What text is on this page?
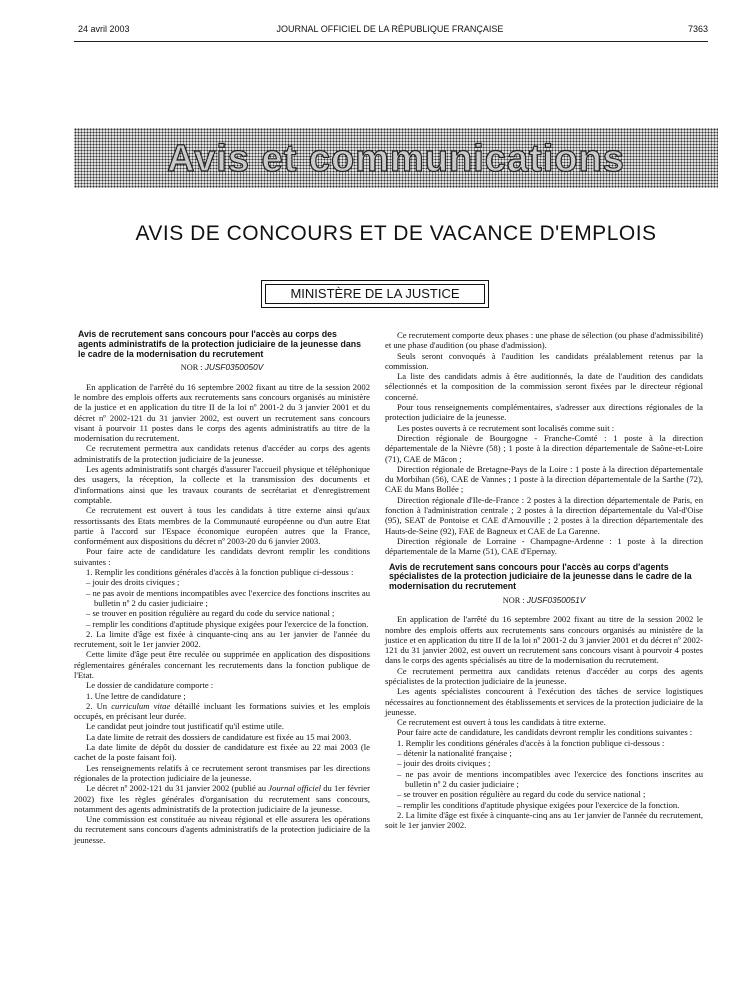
24 avril 2003	JOURNAL OFFICIEL DE LA RÉPUBLIQUE FRANÇAISE	7363
Avis et communications
AVIS DE CONCOURS ET DE VACANCE D'EMPLOIS
MINISTÈRE DE LA JUSTICE
Avis de recrutement sans concours pour l'accès au corps des agents administratifs de la protection judiciaire de la jeunesse dans le cadre de la modernisation du recrutement
NOR : JUSF0350050V

En application de l'arrêté du 16 septembre 2002 fixant au titre de la session 2002 le nombre des emplois offerts aux recrutements sans concours organisés au ministère de la justice et en application du titre II de la loi nº 2001-2 du 3 janvier 2001 et du décret nº 2002-121 du 31 janvier 2002, est ouvert un recrutement sans concours visant à pourvoir 11 postes dans le corps des agents administratifs au titre de la modernisation du recrutement.

Ce recrutement permettra aux candidats retenus d'accéder au corps des agents administratifs de la protection judiciaire de la jeunesse.

Les agents administratifs sont chargés d'assurer l'accueil physique et téléphonique des usagers, la réception, la collecte et la transmission des documents et d'informations ainsi que les travaux courants de secrétariat et d'enregistrement comptable.

Ce recrutement est ouvert à tous les candidats à titre externe ainsi qu'aux ressortissants des Etats membres de la Communauté européenne ou d'un autre Etat partie à l'accord sur l'Espace économique européen autres que la France, conformément aux dispositions du décret nº 2003-20 du 6 janvier 2003.

Pour faire acte de candidature les candidats devront remplir les conditions suivantes :

1. Remplir les conditions générales d'accès à la fonction publique ci-dessous :

– jouir des droits civiques ;
– ne pas avoir de mentions incompatibles avec l'exercice des fonctions inscrites au bulletin nº 2 du casier judiciaire ;
– se trouver en position régulière au regard du code du service national ;
– remplir les conditions d'aptitude physique exigées pour l'exercice de la fonction.

2. La limite d'âge est fixée à cinquante-cinq ans au 1er janvier de l'année du recrutement, soit le 1er janvier 2002.

Cette limite d'âge peut être reculée ou supprimée en application des dispositions réglementaires générales concernant les recrutements dans la fonction publique de l'Etat.

Le dossier de candidature comporte :

1. Une lettre de candidature ;

2. Un curriculum vitae détaillé incluant les formations suivies et les emplois occupés, en précisant leur durée.

Le candidat peut joindre tout justificatif qu'il estime utile.

La date limite de retrait des dossiers de candidature est fixée au 15 mai 2003.

La date limite de dépôt du dossier de candidature est fixée au 22 mai 2003 (le cachet de la poste faisant foi).

Les renseignements relatifs à ce recrutement seront transmises par les directions régionales de la protection judiciaire de la jeunesse.

Le décret nº 2002-121 du 31 janvier 2002 (publié au Journal officiel du 1er février 2002) fixe les règles générales d'organisation du recrutement sans concours, notamment des agents administratifs de la protection judiciaire de la jeunesse.

Une commission est constituée au niveau régional et elle assurera les opérations du recrutement sans concours d'agents administratifs de la protection judiciaire de la jeunesse.

Ce recrutement comporte deux phases : une phase de sélection (ou phase d'admissibilité) et une phase d'audition (ou phase d'admission).

Seuls seront convoqués à l'audition les candidats préalablement retenus par la commission.

La liste des candidats admis à être auditionnés, la date de l'audition des candidats sélectionnés et la composition de la commission seront fixées par le directeur régional concerné.

Pour tous renseignements complémentaires, s'adresser aux directions régionales de la protection judiciaire de la jeunesse.

Les postes ouverts à ce recrutement sont localisés comme suit :

Direction régionale de Bourgogne - Franche-Comté : 1 poste à la direction départementale de la Nièvre (58) ; 1 poste à la direction départementale de Saône-et-Loire (71), CAE de Mâcon ;

Direction régionale de Bretagne-Pays de la Loire : 1 poste à la direction départementale du Morbihan (56), CAE de Vannes ; 1 poste à la direction départementale de la Sarthe (72), CAE du Mans Bollée ;

Direction régionale d'Ile-de-France : 2 postes à la direction départementale de Paris, en fonction à l'administration centrale ; 2 postes à la direction départementale du Val-d'Oise (95), SEAT de Pontoise et CAE d'Arnouville ; 2 postes à la direction départementale des Hauts-de-Seine (92), FAE de Bagneux et CAE de La Garenne.

Direction régionale de Lorraine - Champagne-Ardenne : 1 poste à la direction départementale de la Marne (51), CAE d'Epernay.

Avis de recrutement sans concours pour l'accès au corps d'agents spécialistes de la protection judiciaire de la jeunesse dans le cadre de la modernisation du recrutement
NOR : JUSF0350051V

En application de l'arrêté du 16 septembre 2002 fixant au titre de la session 2002 le nombre des emplois offerts aux recrutements sans concours organisés au ministère de la justice et en application du titre II de la loi nº 2001-2 du 3 janvier 2001 et du décret nº 2002-121 du 31 janvier 2002, est ouvert un recrutement sans concours visant à pourvoir 4 postes dans le corps des agents spécialisés au titre de la modernisation du recrutement.

Ce recrutement permettra aux candidats retenus d'accéder au corps des agents spécialistes de la protection judiciaire de la jeunesse.

Les agents spécialistes concourent à l'exécution des tâches de service logistiques nécessaires au fonctionnement des établissements et services de la protection judiciaire de la jeunesse.

Ce recrutement est ouvert à tous les candidats à titre externe.

Pour faire acte de candidature, les candidats devront remplir les conditions suivantes :

1. Remplir les conditions générales d'accès à la fonction publique ci-dessous :

– détenir la nationalité française ;
– jouir des droits civiques ;
– ne pas avoir de mentions incompatibles avec l'exercice des fonctions inscrites au bulletin nº 2 du casier judiciaire ;
– se trouver en position régulière au regard du code du service national ;
– remplir les conditions d'aptitude physique exigées pour l'exercice de la fonction.

2. La limite d'âge est fixée à cinquante-cinq ans au 1er janvier de l'année du recrutement, soit le 1er janvier 2002.
